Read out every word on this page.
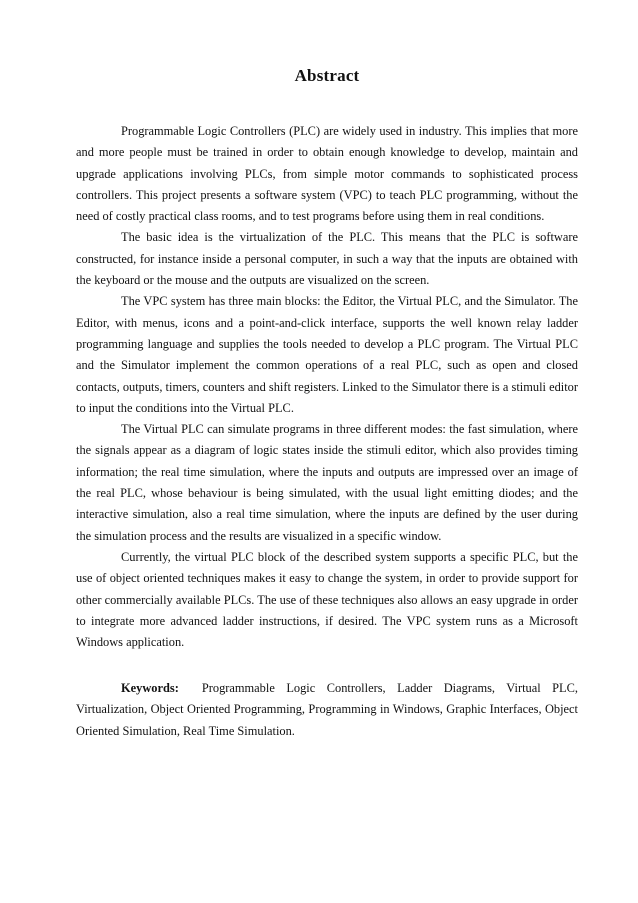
Abstract

Programmable Logic Controllers (PLC) are widely used in industry. This implies that more and more people must be trained in order to obtain enough knowledge to develop, maintain and upgrade applications involving PLCs, from simple motor commands to sophisticated process controllers. This project presents a software system (VPC) to teach PLC programming, without the need of costly practical class rooms, and to test programs before using them in real conditions.

The basic idea is the virtualization of the PLC. This means that the PLC is software constructed, for instance inside a personal computer, in such a way that the inputs are obtained with the keyboard or the mouse and the outputs are visualized on the screen.

The VPC system has three main blocks: the Editor, the Virtual PLC, and the Simulator. The Editor, with menus, icons and a point-and-click interface, supports the well known relay ladder programming language and supplies the tools needed to develop a PLC program. The Virtual PLC and the Simulator implement the common operations of a real PLC, such as open and closed contacts, outputs, timers, counters and shift registers. Linked to the Simulator there is a stimuli editor to input the conditions into the Virtual PLC.

The Virtual PLC can simulate programs in three different modes: the fast simulation, where the signals appear as a diagram of logic states inside the stimuli editor, which also provides timing information; the real time simulation, where the inputs and outputs are impressed over an image of the real PLC, whose behaviour is being simulated, with the usual light emitting diodes; and the interactive simulation, also a real time simulation, where the inputs are defined by the user during the simulation process and the results are visualized in a specific window.

Currently, the virtual PLC block of the described system supports a specific PLC, but the use of object oriented techniques makes it easy to change the system, in order to provide support for other commercially available PLCs. The use of these techniques also allows an easy upgrade in order to integrate more advanced ladder instructions, if desired. The VPC system runs as a Microsoft Windows application.

Keywords: Programmable Logic Controllers, Ladder Diagrams, Virtual PLC, Virtualization, Object Oriented Programming, Programming in Windows, Graphic Interfaces, Object Oriented Simulation, Real Time Simulation.
